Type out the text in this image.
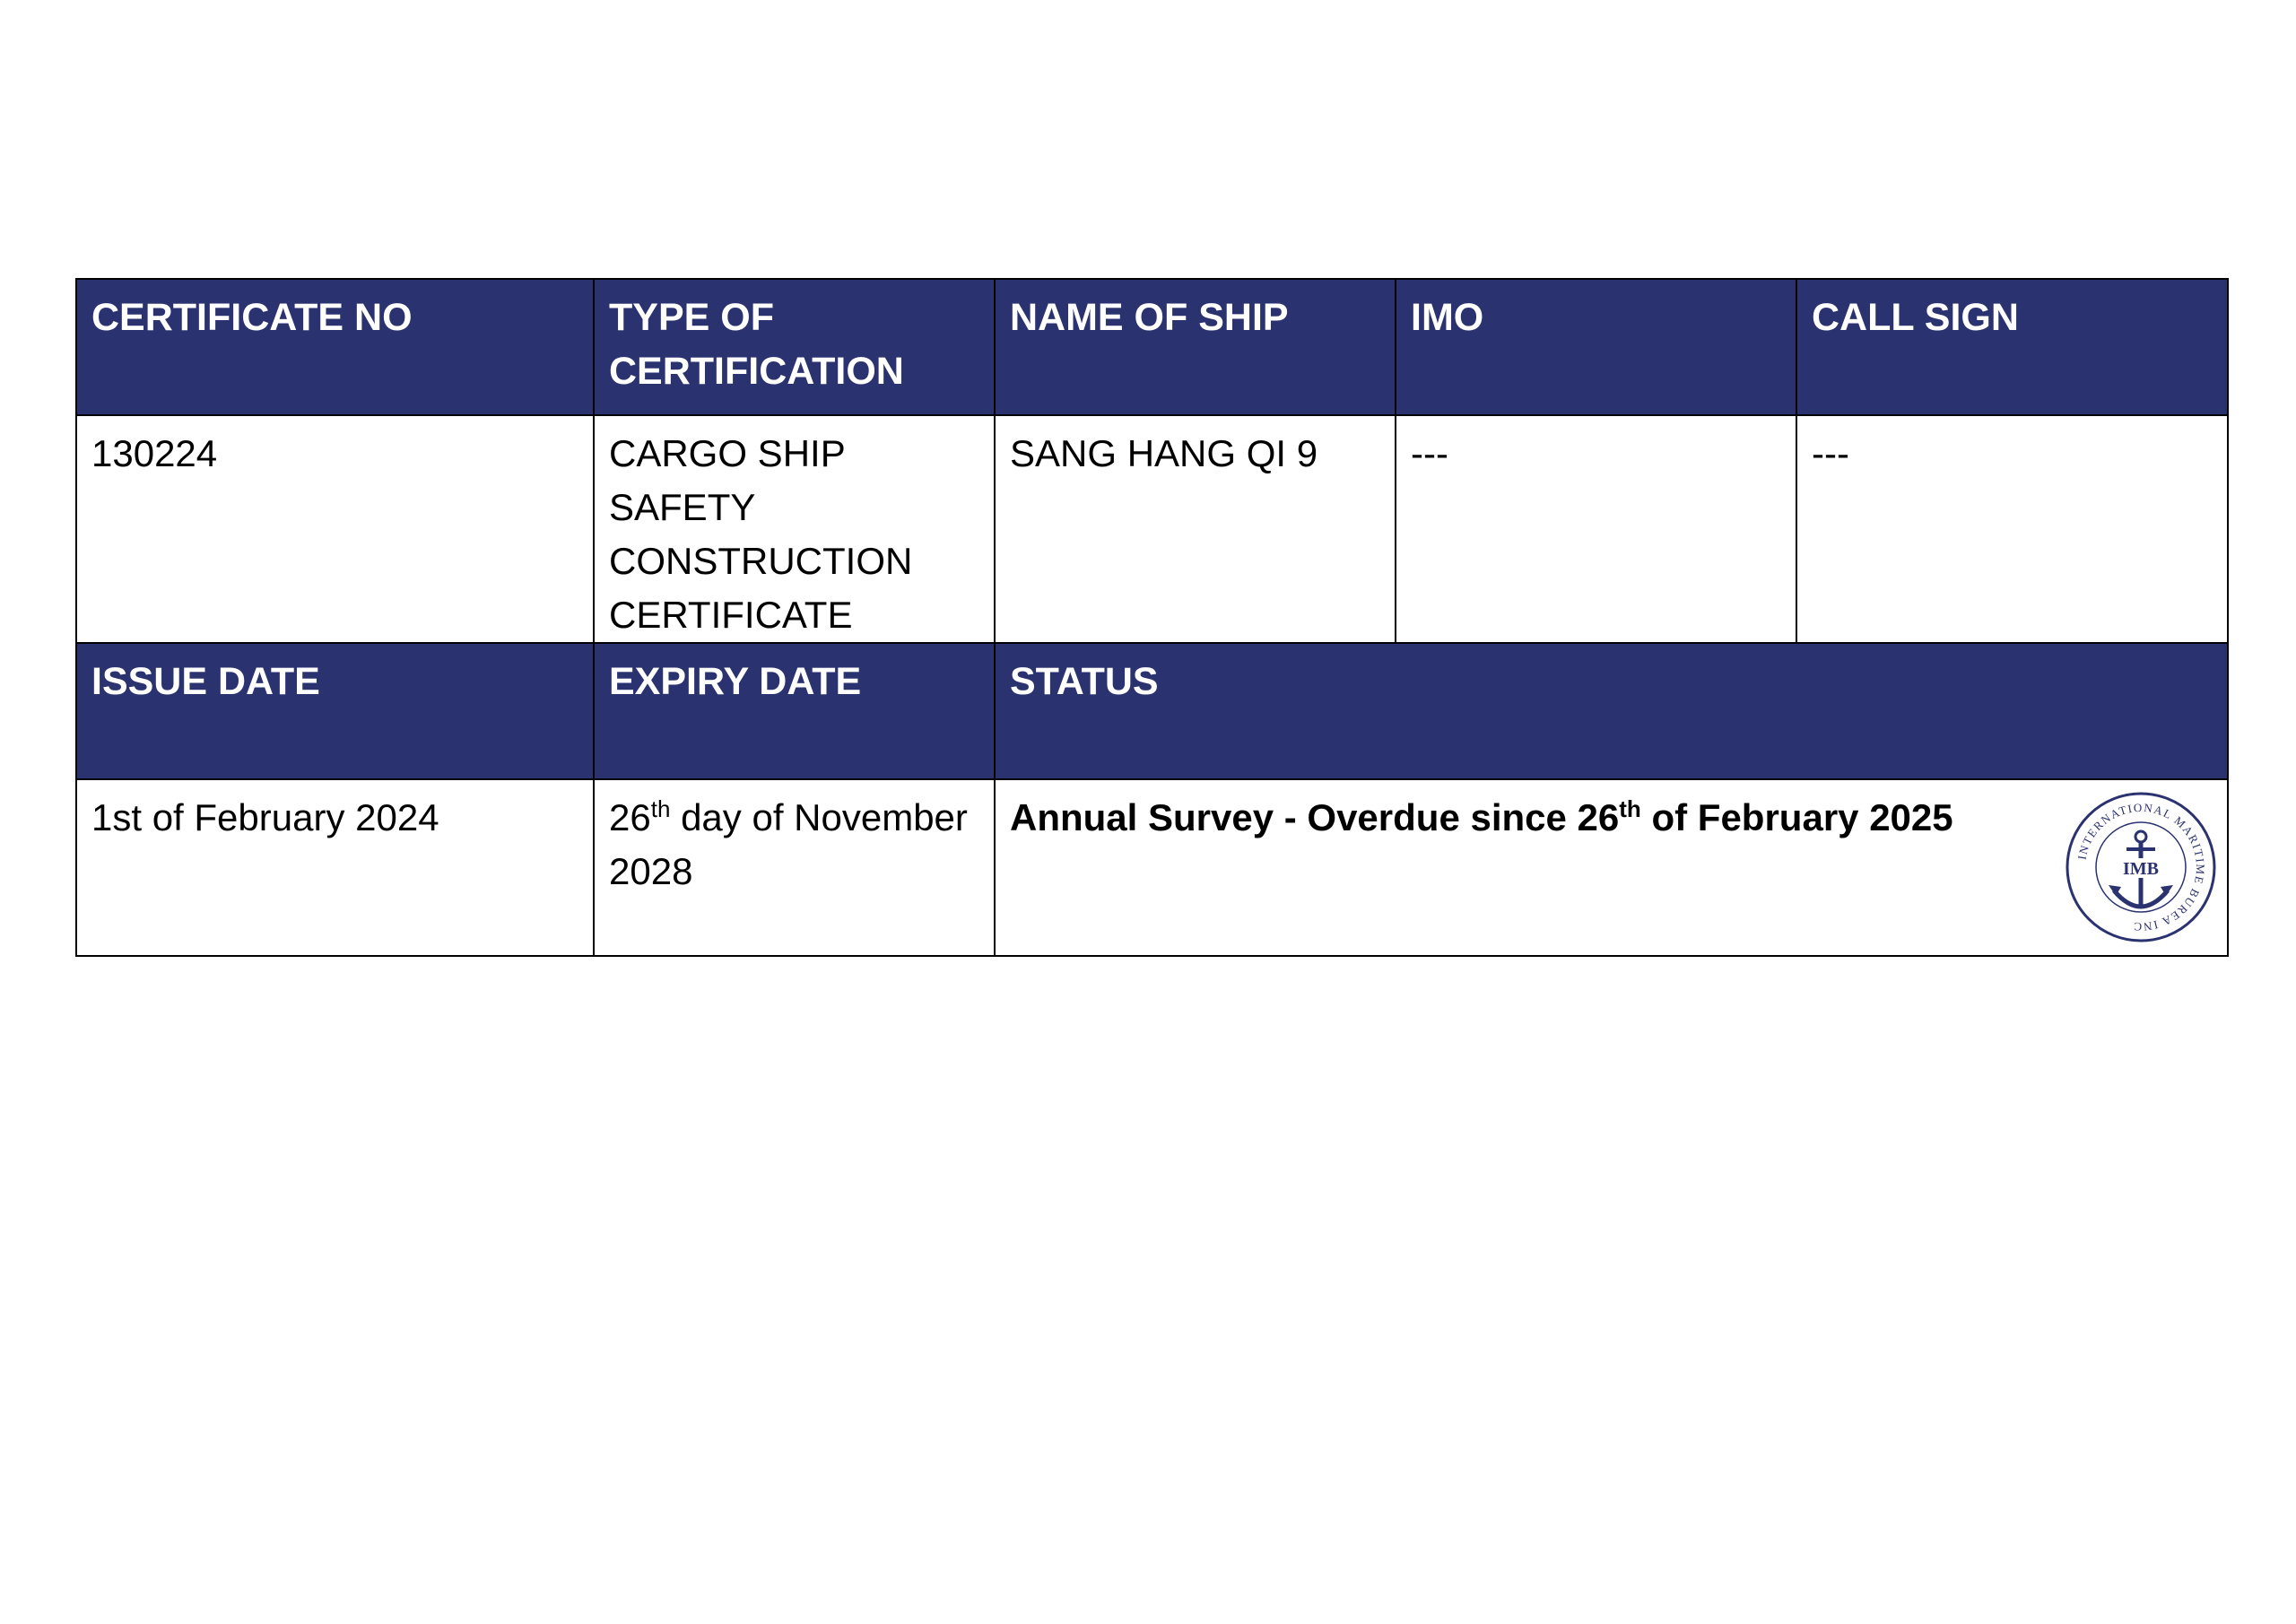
CERTIFICATE NO	TYPE OF CERTIFICATION	NAME OF SHIP	IMO	CALL SIGN
130224	CARGO SHIP SAFETY CONSTRUCTION CERTIFICATE	SANG HANG QI 9	---	---
ISSUE DATE	EXPIRY DATE	STATUS		
1st of February 2024	26th day of November 2028	Annual Survey - Overdue since 26th of February 2025
INTERNATIONAL MARITIME BUREA INC
IMB		
